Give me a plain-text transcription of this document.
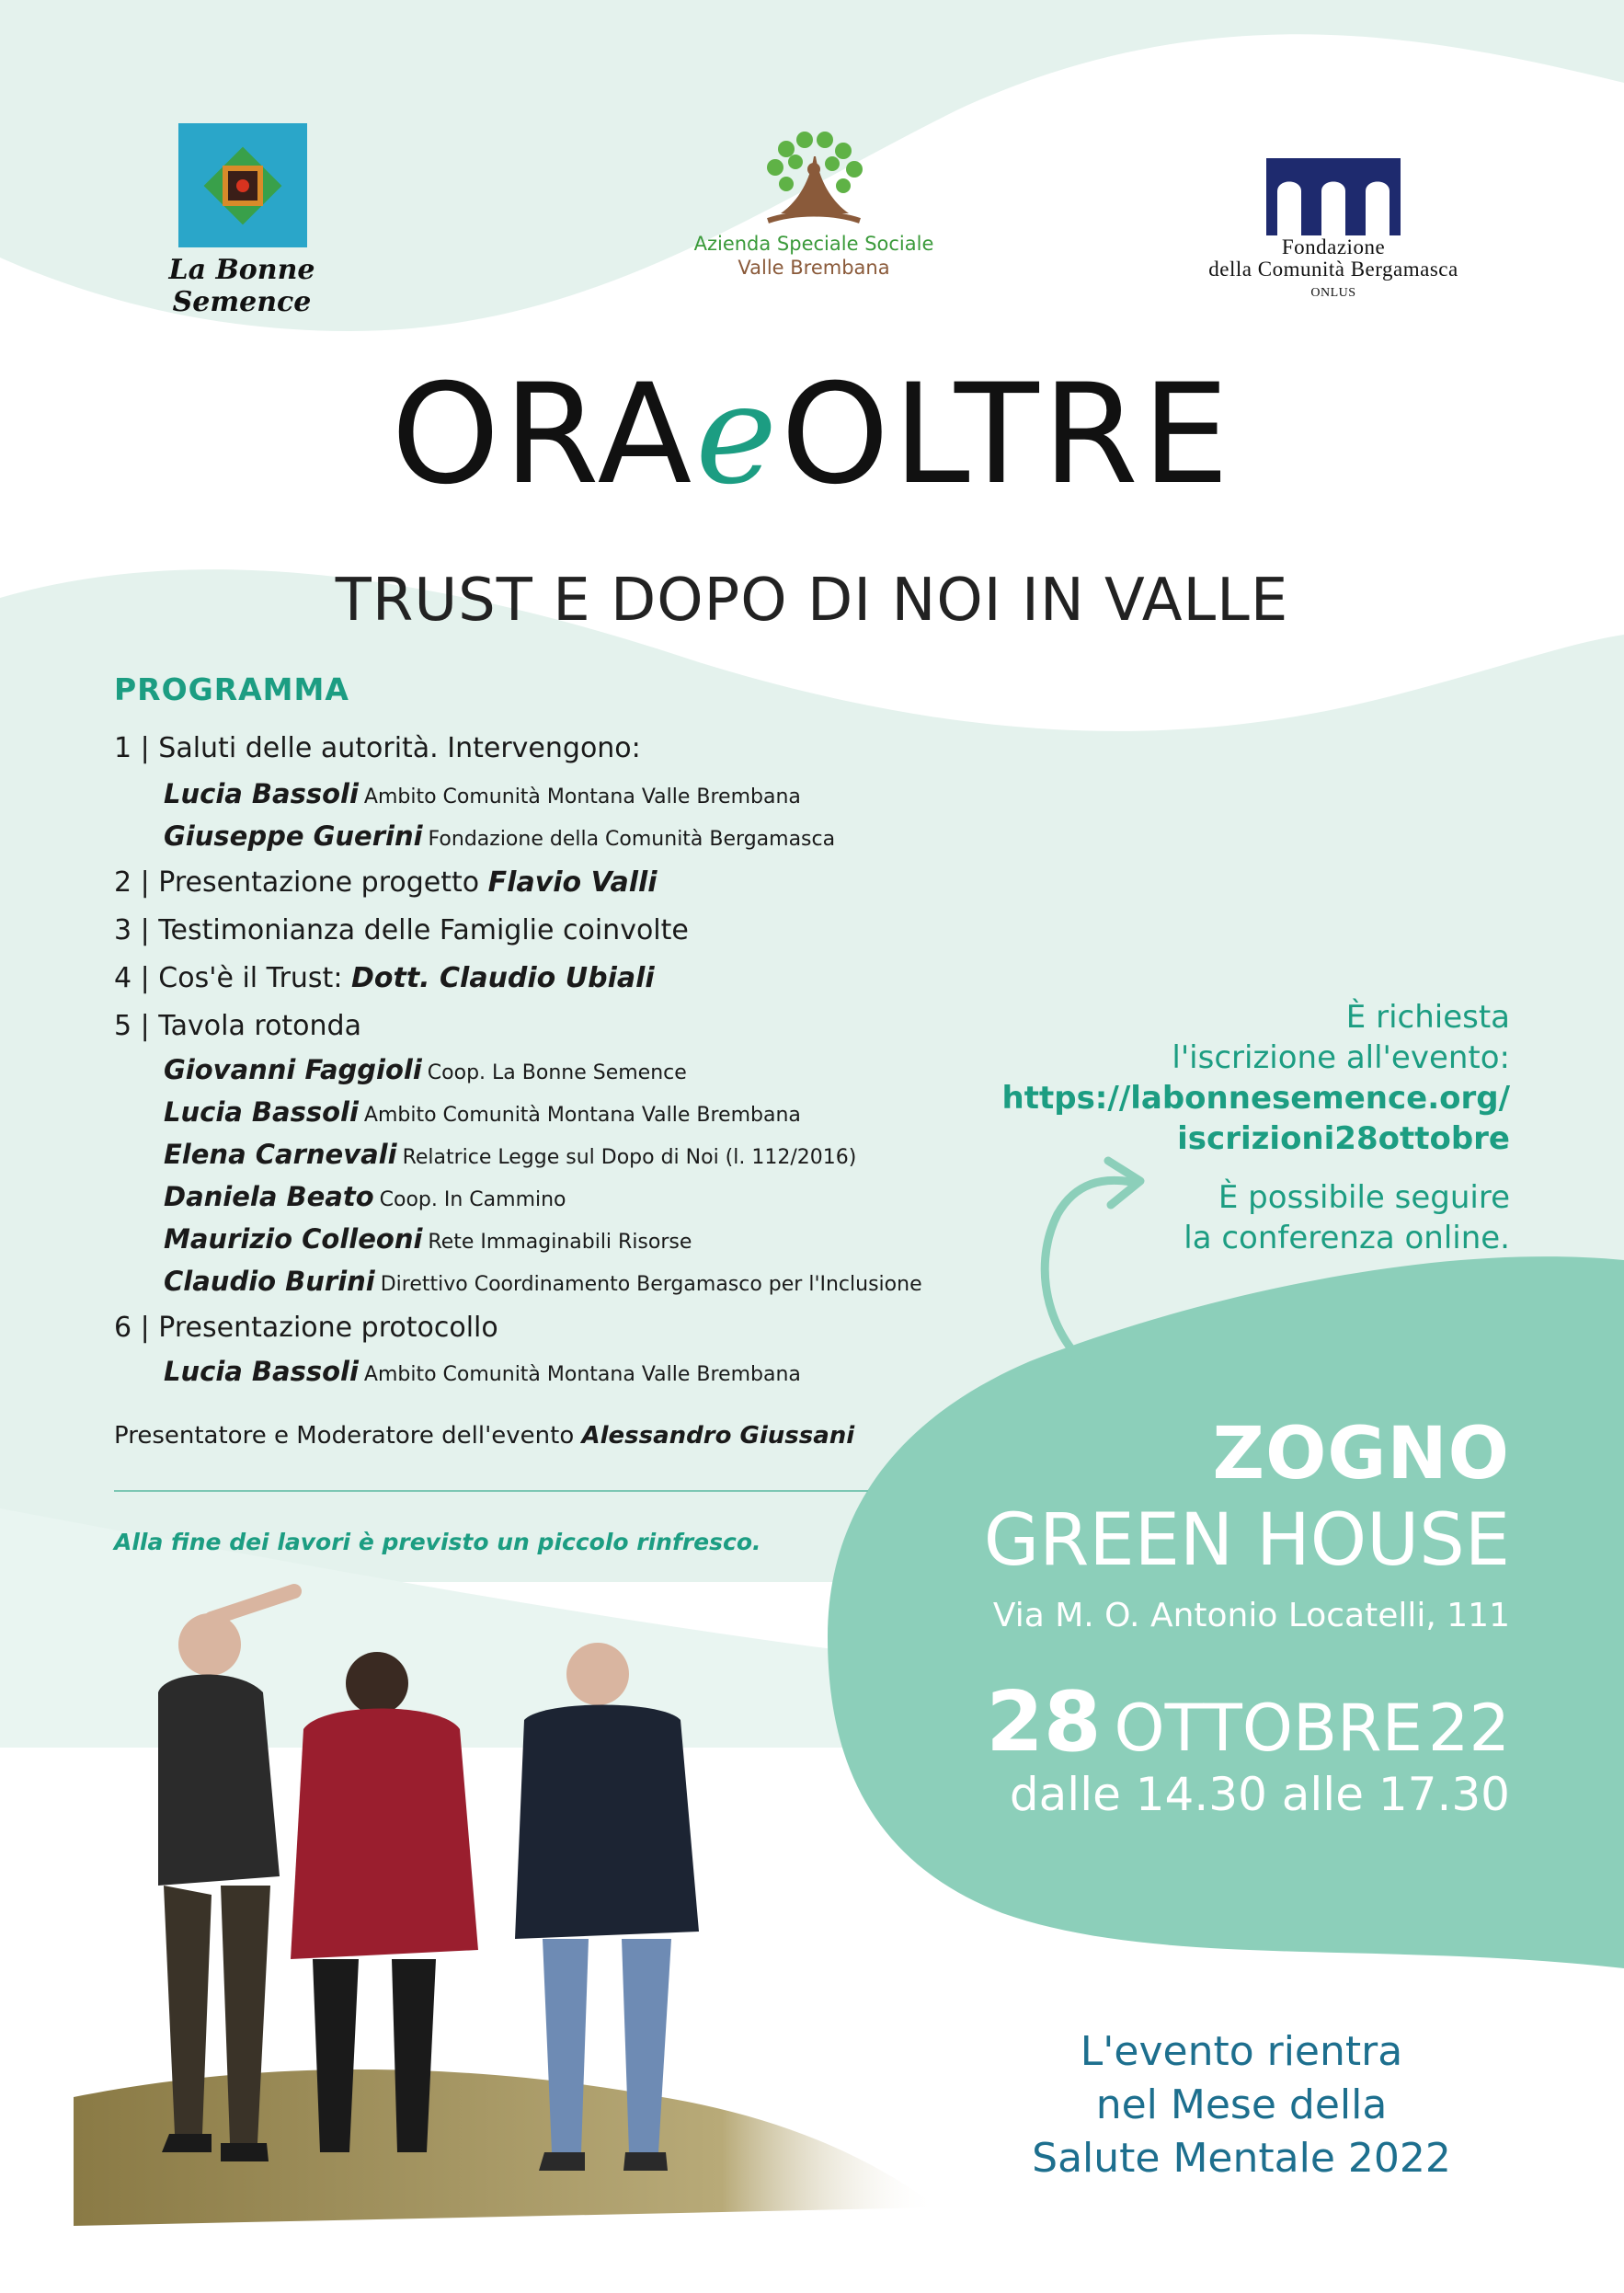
La Bonne Semence
Azienda Speciale Sociale
Valle Brembana
Fondazione
della Comunità Bergamasca
ONLUS
ORAeOLTRE
TRUST E DOPO DI NOI IN VALLE
PROGRAMMA
1 | Saluti delle autorità. Intervengono:
Lucia Bassoli Ambito Comunità Montana Valle Brembana
Giuseppe Guerini Fondazione della Comunità Bergamasca
2 | Presentazione progetto Flavio Valli
3 | Testimonianza delle Famiglie coinvolte
4 | Cos'è il Trust: Dott. Claudio Ubiali
5 | Tavola rotonda
Giovanni Faggioli Coop. La Bonne Semence
Lucia Bassoli Ambito Comunità Montana Valle Brembana
Elena Carnevali Relatrice Legge sul Dopo di Noi (l. 112/2016)
Daniela Beato Coop. In Cammino
Maurizio Colleoni Rete Immaginabili Risorse
Claudio Burini Direttivo Coordinamento Bergamasco per l'Inclusione
6 | Presentazione protocollo
Lucia Bassoli Ambito Comunità Montana Valle Brembana
Presentatore e Moderatore dell'evento Alessandro Giussani
Alla fine dei lavori è previsto un piccolo rinfresco.
È richiesta
l'iscrizione all'evento:
https://labonnesemence.org/
iscrizioni28ottobre
È possibile seguire
la conferenza online.
ZOGNO
GREEN HOUSE
Via M. O. Antonio Locatelli, 111
28 OTTOBRE22
dalle 14.30 alle 17.30
L'evento rientra
nel Mese della
Salute Mentale 2022
